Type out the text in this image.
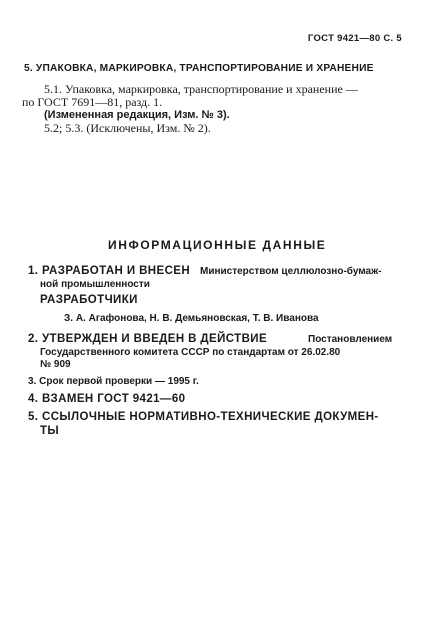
ГОСТ 9421—80 С. 5
5. УПАКОВКА, МАРКИРОВКА, ТРАНСПОРТИРОВАНИЕ И ХРАНЕНИЕ
5.1. Упаковка, маркировка, транспортирование и хранение —
по ГОСТ 7691—81, разд. 1.
(Измененная редакция, Изм. № 3).
5.2; 5.3. (Исключены, Изм. № 2).
ИНФОРМАЦИОННЫЕ ДАННЫЕ
1. РАЗРАБОТАН И ВНЕСЕН Министерством целлюлозно-бумаж-
ной промышленности
РАЗРАБОТЧИКИ
З. А. Агафонова, Н. В. Демьяновская, Т. В. Иванова
2. УТВЕРЖДЕН И ВВЕДЕН В ДЕЙСТВИЕ	Постановлением
Государственного комитета СССР по стандартам от 26.02.80
№ 909
3. Срок первой проверки — 1995 г.
4. ВЗАМЕН ГОСТ 9421—60
5. ССЫЛОЧНЫЕ НОРМАТИВНО-ТЕХНИЧЕСКИЕ ДОКУМЕН-
ТЫ
